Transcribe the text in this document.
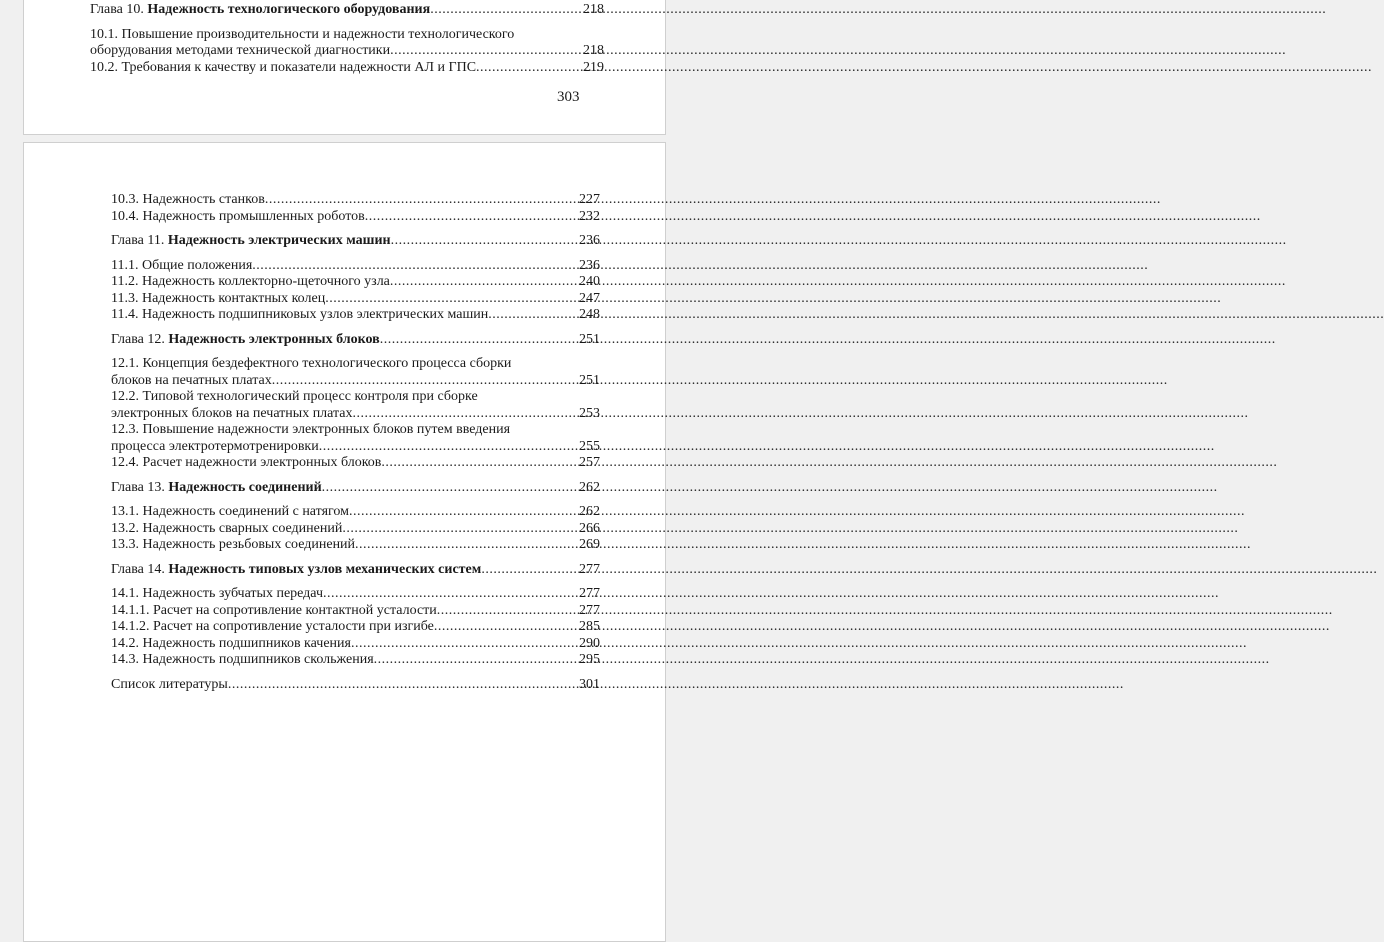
Глава 10. Надежность технологического оборудования .....	218
10.1. Повышение производительности и надежности технологического
оборудования методами технической диагностики .....	218
10.2. Требования к качеству и показатели надежности АЛ и ГПС .....	219
303
10.3. Надежность станков .....	227
10.4. Надежность промышленных роботов .....	232
Глава 11. Надежность электрических машин .....	236
11.1. Общие положения .....	236
11.2. Надежность коллекторно-щеточного узла .....	240
11.3. Надежность контактных колец .....	247
11.4. Надежность подшипниковых узлов электрических машин .....	248
Глава 12. Надежность электронных блоков .....	251
12.1. Концепция бездефектного технологического процесса сборки
блоков на печатных платах .....	251
12.2. Типовой технологический процесс контроля при сборке
электронных блоков на печатных платах .....	253
12.3. Повышение надежности электронных блоков путем введения
процесса электротермотренировки .....	255
12.4. Расчет надежности электронных блоков .....	257
Глава 13. Надежность соединений .....	262
13.1. Надежность соединений с натягом .....	262
13.2. Надежность сварных соединений .....	266
13.3. Надежность резьбовых соединений .....	269
Глава 14. Надежность типовых узлов механических систем .....	277
14.1. Надежность зубчатых передач .....	277
14.1.1. Расчет на сопротивление контактной усталости .....	277
14.1.2. Расчет на сопротивление усталости при изгибе .....	285
14.2. Надежность подшипников качения .....	290
14.3. Надежность подшипников скольжения .....	295
Список литературы .....	301
